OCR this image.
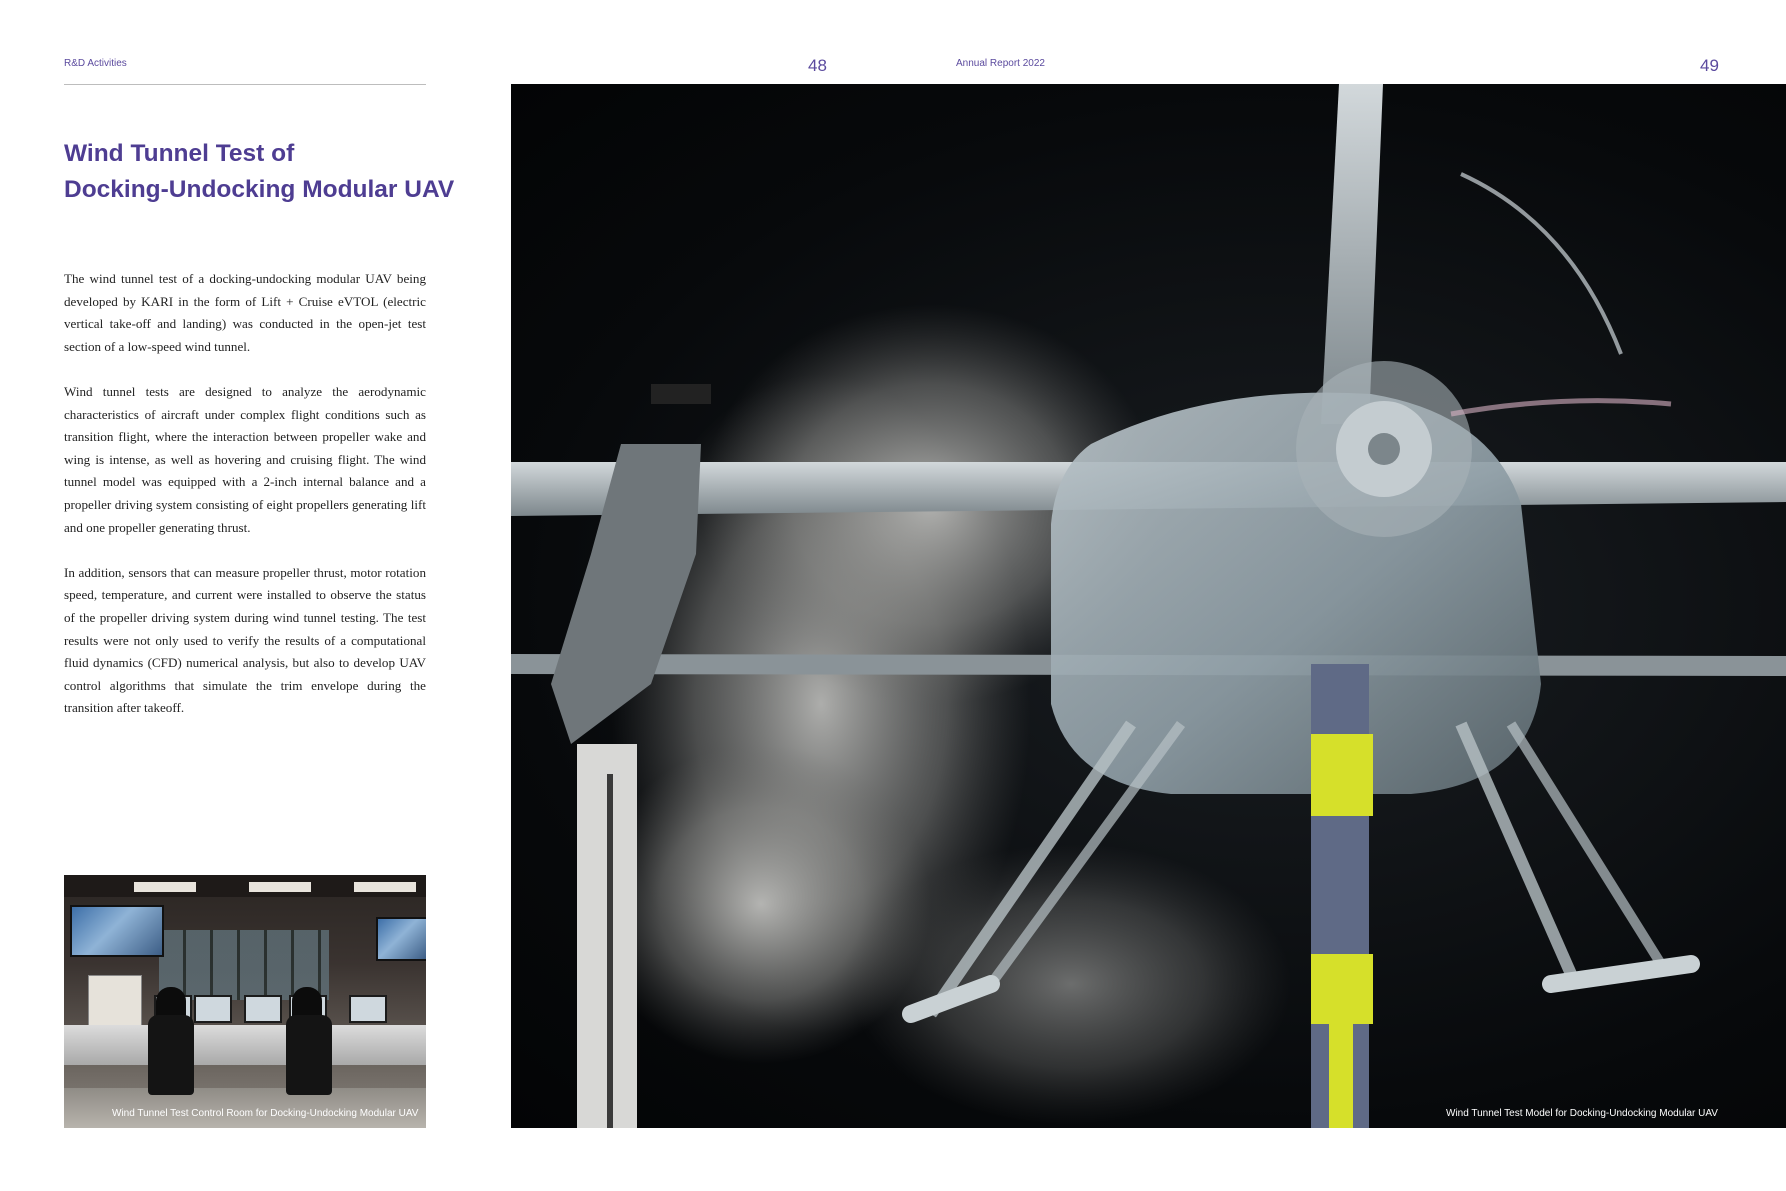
R&D Activities	48	Annual Report 2022	49
Wind Tunnel Test of
Docking-Undocking Modular UAV

The wind tunnel test of a docking-undocking modular UAV being developed by KARI in the form of Lift + Cruise eVTOL (electric vertical take-off and landing) was conducted in the open-jet test section of a low-speed wind tunnel.

Wind tunnel tests are designed to analyze the aerodynamic characteristics of aircraft under complex flight conditions such as transition flight, where the interaction between propeller wake and wing is intense, as well as hovering and cruising flight. The wind tunnel model was equipped with a 2-inch internal balance and a propeller driving system consisting of eight propellers generating lift and one propeller generating thrust.

In addition, sensors that can measure propeller thrust, motor rotation speed, temperature, and current were installed to observe the status of the propeller driving system during wind tunnel testing. The test results were not only used to verify the results of a computational fluid dynamics (CFD) numerical analysis, but also to develop UAV control algorithms that simulate the trim envelope during the transition after takeoff.

Wind Tunnel Test Control Room for Docking-Undocking Modular UAV	Wind Tunnel Test Model for Docking-Undocking Modular UAV
